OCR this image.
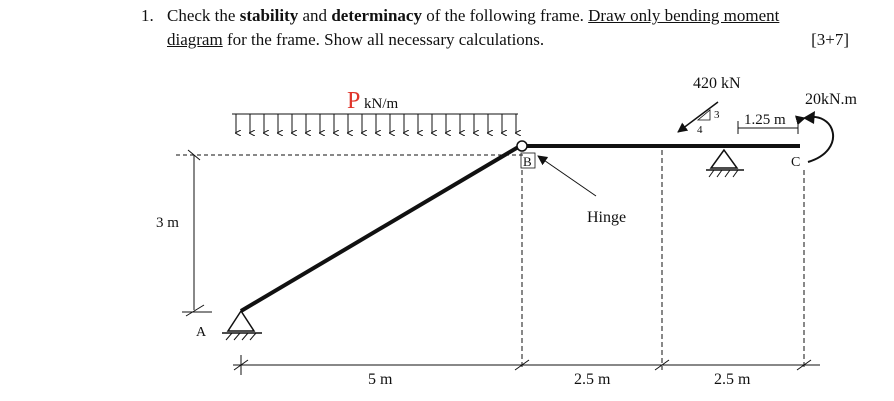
1. Check the stability and determinacy of the following frame. Draw only bending moment
diagram for the frame. Show all necessary calculations.	[3+7]
3 m
P kN/m
B
Hinge
A
420 kN
3
4
1.25 m
20kN.m
C
5 m	2.5 m	2.5 m
